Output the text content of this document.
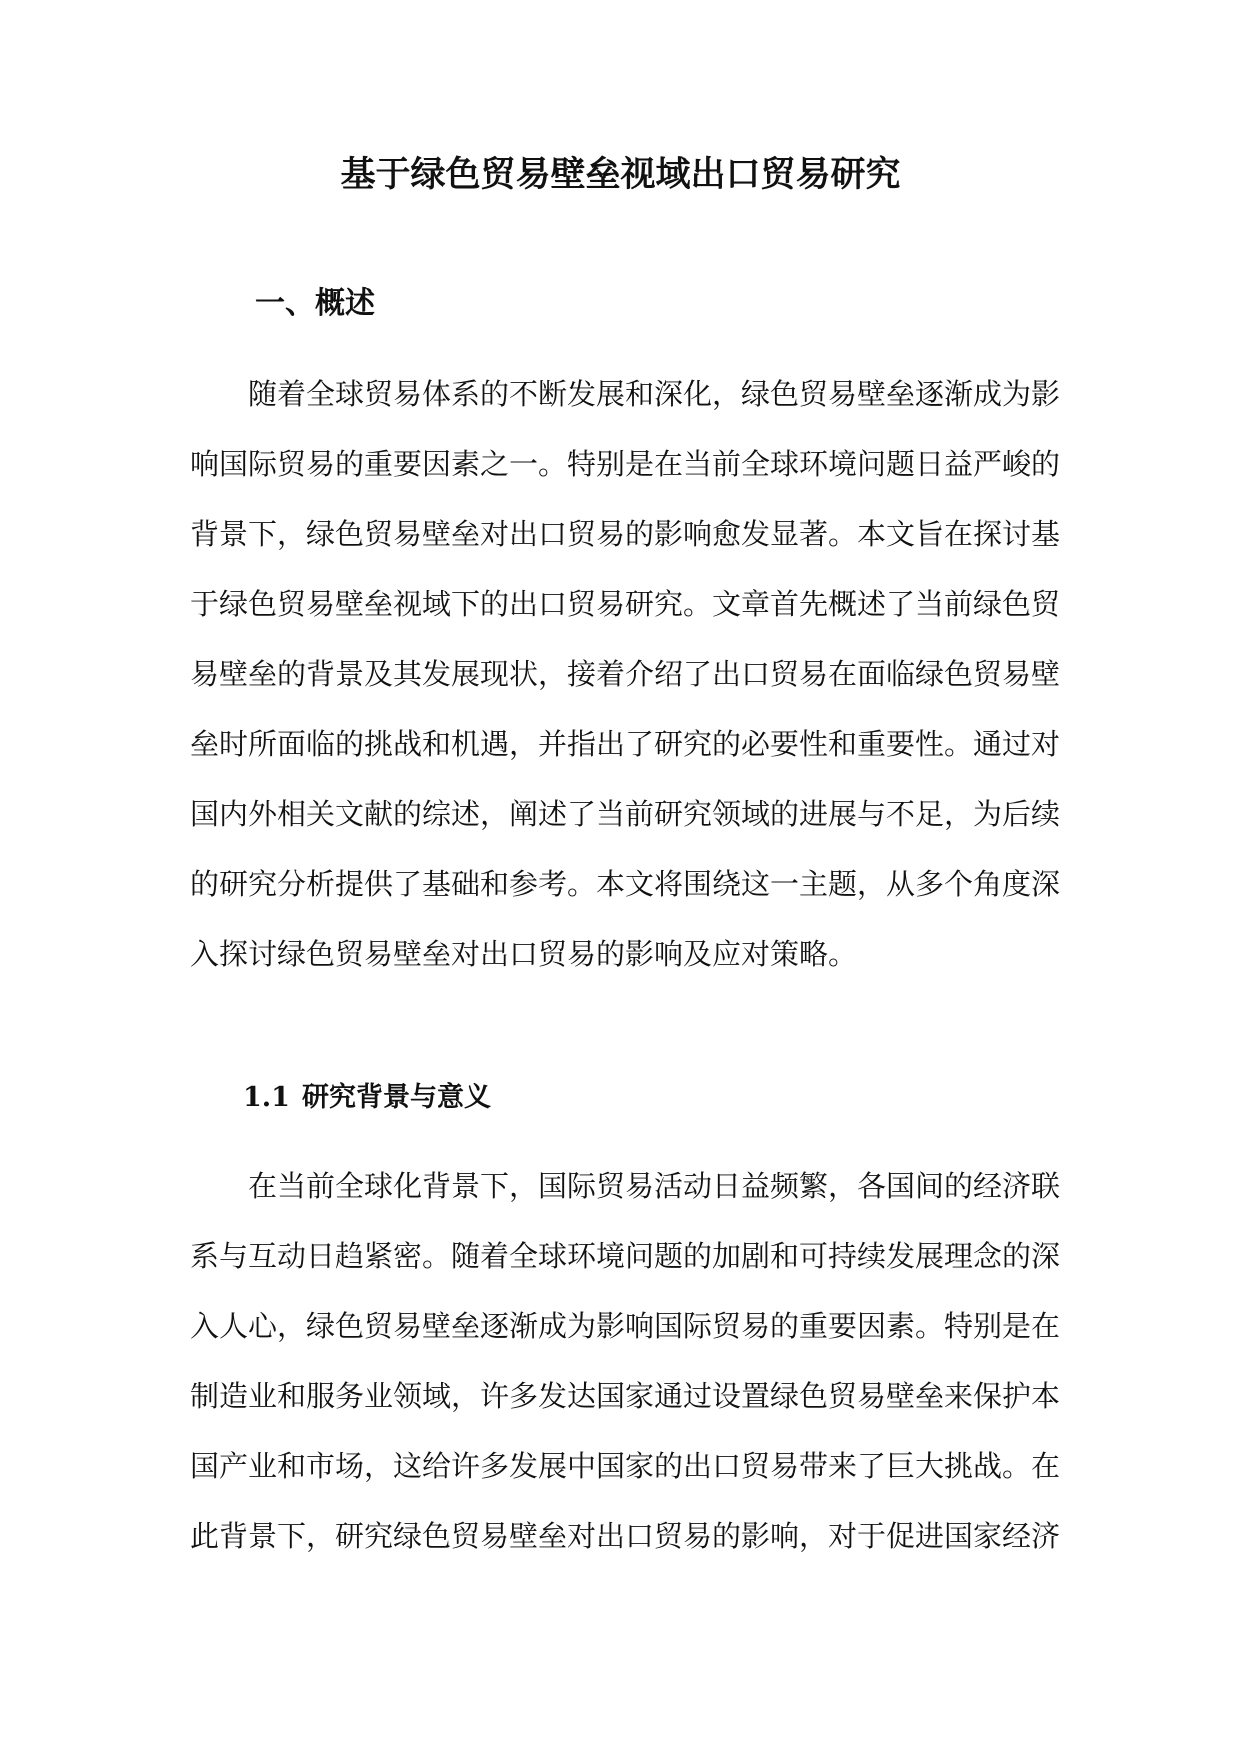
基于绿色贸易壁垒视域出口贸易研究
一、概述
随着全球贸易体系的不断发展和深化，绿色贸易壁垒逐渐成为影
响国际贸易的重要因素之一。特别是在当前全球环境问题日益严峻的
背景下，绿色贸易壁垒对出口贸易的影响愈发显著。本文旨在探讨基
于绿色贸易壁垒视域下的出口贸易研究。文章首先概述了当前绿色贸
易壁垒的背景及其发展现状，接着介绍了出口贸易在面临绿色贸易壁
垒时所面临的挑战和机遇，并指出了研究的必要性和重要性。通过对
国内外相关文献的综述，阐述了当前研究领域的进展与不足，为后续
的研究分析提供了基础和参考。本文将围绕这一主题，从多个角度深
入探讨绿色贸易壁垒对出口贸易的影响及应对策略。
1.1 研究背景与意义
在当前全球化背景下，国际贸易活动日益频繁，各国间的经济联
系与互动日趋紧密。随着全球环境问题的加剧和可持续发展理念的深
入人心，绿色贸易壁垒逐渐成为影响国际贸易的重要因素。特别是在
制造业和服务业领域，许多发达国家通过设置绿色贸易壁垒来保护本
国产业和市场，这给许多发展中国家的出口贸易带来了巨大挑战。在
此背景下，研究绿色贸易壁垒对出口贸易的影响，对于促进国家经济
